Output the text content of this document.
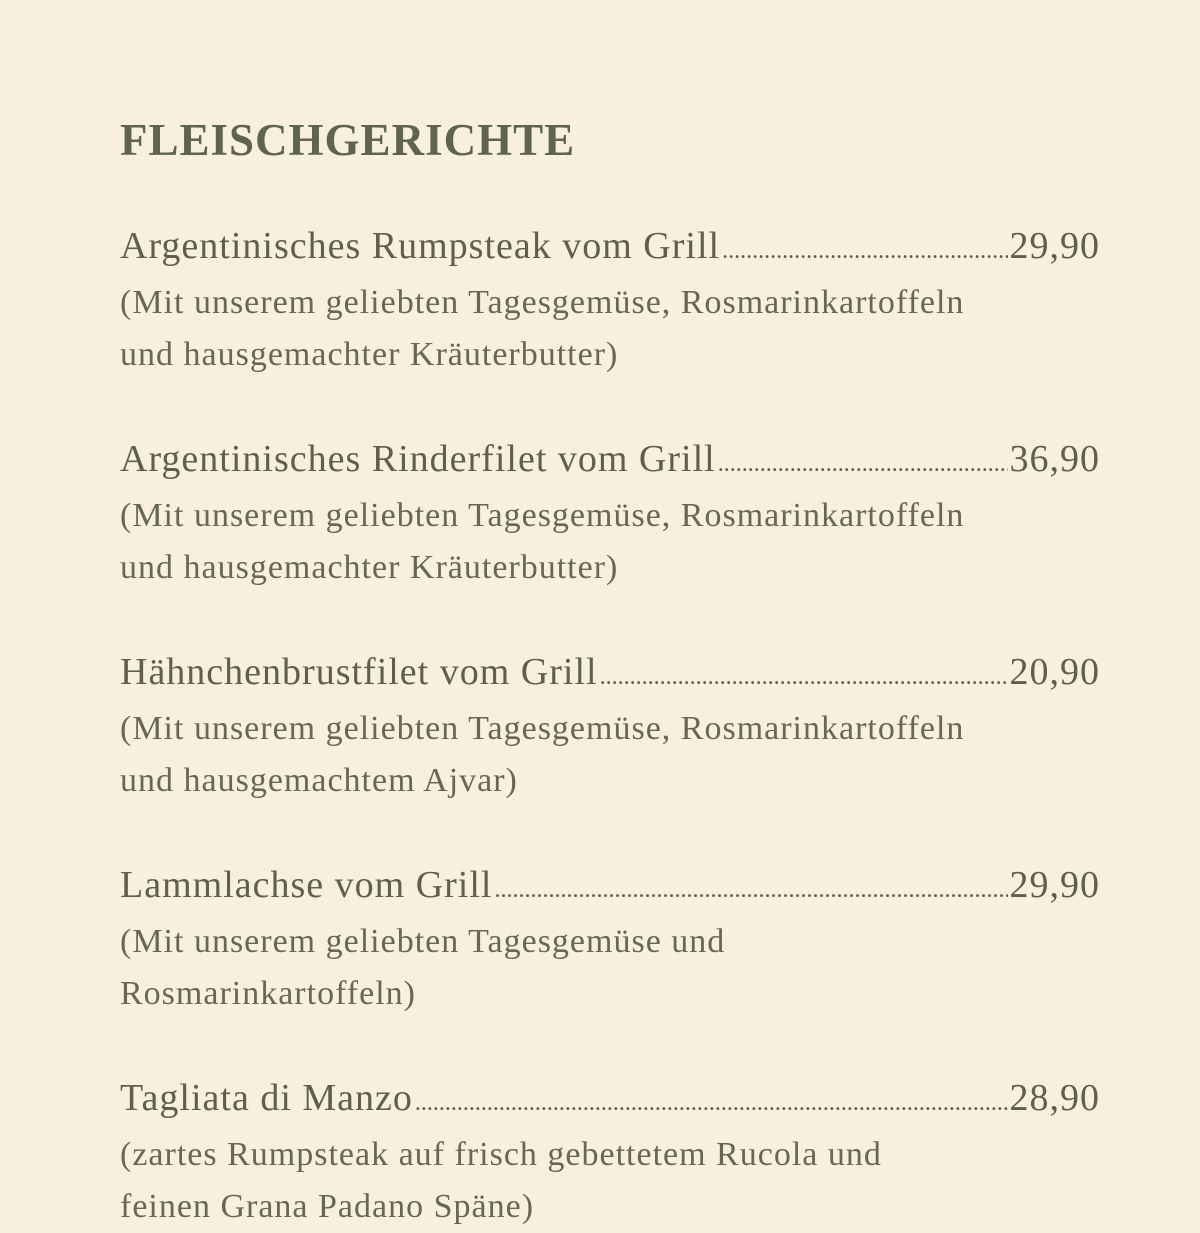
FLEISCHGERICHTE
Argentinisches Rumpsteak vom Grill .....	29,90

(Mit unserem geliebten Tagesgemüse, Rosmarinkartoffeln

und hausgemachter Kräuterbutter)

Argentinisches Rinderfilet vom Grill .....	36,90

(Mit unserem geliebten Tagesgemüse, Rosmarinkartoffeln

und hausgemachter Kräuterbutter)

Hähnchenbrustfilet vom Grill .....	20,90

(Mit unserem geliebten Tagesgemüse, Rosmarinkartoffeln

und hausgemachtem Ajvar)

Lammlachse vom Grill .....	29,90

(Mit unserem geliebten Tagesgemüse und

Rosmarinkartoffeln)

Tagliata di Manzo .....	28,90

(zartes Rumpsteak auf frisch gebettetem Rucola und

feinen Grana Padano Späne)
